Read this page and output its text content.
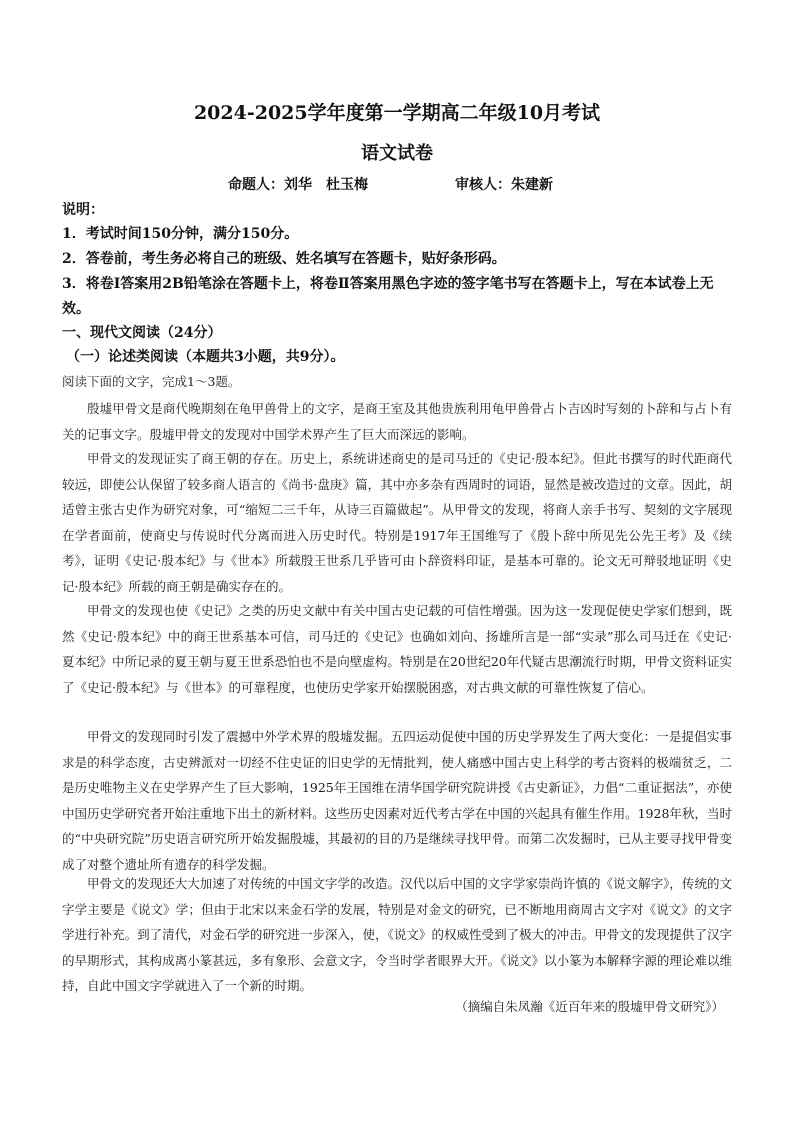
2024-2025学年度第一学期高二年级10月考试
语文试卷
命题人：刘华　杜玉梅	审核人：朱建新
说明：
1．考试时间150分钟，满分150分。
2．答卷前，考生务必将自己的班级、姓名填写在答题卡，贴好条形码。
3．将卷Ⅰ答案用2B铅笔涂在答题卡上，将卷Ⅱ答案用黑色字迹的签字笔书写在答题卡上，写在本试卷上无效。
一、现代文阅读（24分）
（一）论述类阅读（本题共3小题，共9分）。
阅读下面的文字，完成1～3题。
殷墟甲骨文是商代晚期刻在龟甲兽骨上的文字，是商王室及其他贵族利用龟甲兽骨占卜吉凶时写刻的卜辞和与占卜有关的记事文字。殷墟甲骨文的发现对中国学术界产生了巨大而深远的影响。
甲骨文的发现证实了商王朝的存在。历史上，系统讲述商史的是司马迁的《史记·殷本纪》。但此书撰写的时代距商代较远，即使公认保留了较多商人语言的《尚书·盘庚》篇，其中亦多杂有西周时的词语，显然是被改造过的文章。因此，胡适曾主张古史作为研究对象，可“缩短二三千年，从诗三百篇做起”。从甲骨文的发现，将商人亲手书写、契刻的文字展现在学者面前，使商史与传说时代分离而进入历史时代。特别是1917年王国维写了《殷卜辞中所见先公先王考》及《续考》，证明《史记·殷本纪》与《世本》所载殷王世系几乎皆可由卜辞资料印证，是基本可靠的。论文无可辩驳地证明《史记·殷本纪》所载的商王朝是确实存在的。
甲骨文的发现也使《史记》之类的历史文献中有关中国古史记载的可信性增强。因为这一发现促使史学家们想到，既然《史记·殷本纪》中的商王世系基本可信，司马迁的《史记》也确如刘向、扬雄所言是一部“实录”那么司马迁在《史记·夏本纪》中所记录的夏王朝与夏王世系恐怕也不是向壁虚构。特别是在20世纪20年代疑古思潮流行时期，甲骨文资料证实了《史记·殷本纪》与《世本》的可靠程度，也使历史学家开始摆脱困惑，对古典文献的可靠性恢复了信心。
甲骨文的发现同时引发了震撼中外学术界的殷墟发掘。五四运动促使中国的历史学界发生了两大变化：一是提倡实事求是的科学态度，古史辨派对一切经不住史证的旧史学的无情批判，使人痛感中国古史上科学的考古资料的极端贫乏，二是历史唯物主义在史学界产生了巨大影响，1925年王国维在清华国学研究院讲授《古史新证》，力倡“二重证据法”，亦使中国历史学研究者开始注重地下出土的新材料。这些历史因素对近代考古学在中国的兴起具有催生作用。1928年秋，当时的“中央研究院”历史语言研究所开始发掘殷墟，其最初的目的乃是继续寻找甲骨。而第二次发掘时，已从主要寻找甲骨变成了对整个遗址所有遗存的科学发掘。
甲骨文的发现还大大加速了对传统的中国文字学的改造。汉代以后中国的文字学家崇尚许慎的《说文解字》，传统的文字学主要是《说文》学；但由于北宋以来金石学的发展，特别是对金文的研究，已不断地用商周古文字对《说文》的文字学进行补充。到了清代，对金石学的研究进一步深入，使，《说文》的权威性受到了极大的冲击。甲骨文的发现提供了汉字的早期形式，其构成离小篆甚远，多有象形、会意文字，令当时学者眼界大开。《说文》以小篆为本解释字源的理论难以维持，自此中国文字学就进入了一个新的时期。
（摘编自朱凤瀚《近百年来的殷墟甲骨文研究》）
